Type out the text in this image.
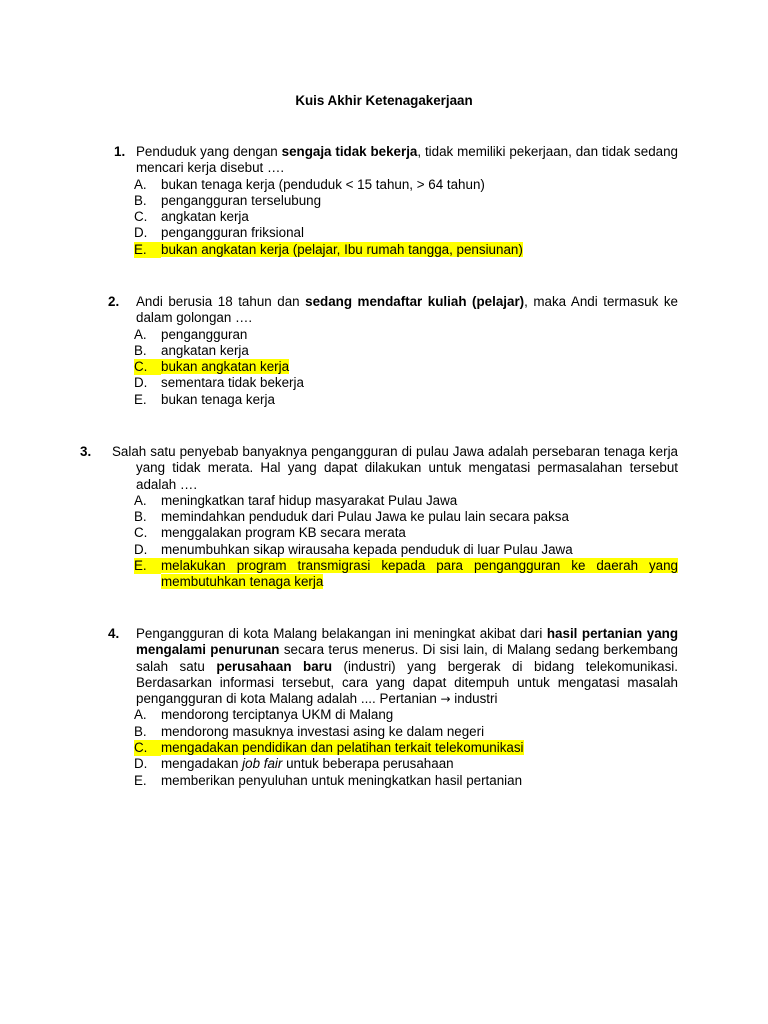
Kuis Akhir Ketenagakerjaan
1. Penduduk yang dengan sengaja tidak bekerja, tidak memiliki pekerjaan, dan tidak sedang mencari kerja disebut ….
A.	bukan tenaga kerja (penduduk < 15 tahun, > 64 tahun)
B.	pengangguran terselubung
C.	angkatan kerja
D.	pengangguran friksional
E.	bukan angkatan kerja (pelajar, Ibu rumah tangga, pensiunan)
2.	Andi berusia 18 tahun dan sedang mendaftar kuliah (pelajar), maka Andi termasuk ke dalam golongan ….
A.	pengangguran
B.	angkatan kerja
C.	bukan angkatan kerja
D.	sementara tidak bekerja
E.	bukan tenaga kerja
3. Salah satu penyebab banyaknya pengangguran di pulau Jawa adalah persebaran tenaga kerja yang tidak merata. Hal yang dapat dilakukan untuk mengatasi permasalahan tersebut adalah ….
A.	meningkatkan taraf hidup masyarakat Pulau Jawa
B.	memindahkan penduduk dari Pulau Jawa ke pulau lain secara paksa
C.	menggalakan program KB secara merata
D.	menumbuhkan sikap wirausaha kepada penduduk di luar Pulau Jawa
E.	melakukan program transmigrasi kepada para pengangguran ke daerah yang membutuhkan tenaga kerja
4.	Pengangguran di kota Malang belakangan ini meningkat akibat dari hasil pertanian yang mengalami penurunan secara terus menerus. Di sisi lain, di Malang sedang berkembang salah satu perusahaan baru (industri) yang bergerak di bidang telekomunikasi. Berdasarkan informasi tersebut, cara yang dapat ditempuh untuk mengatasi masalah pengangguran di kota Malang adalah .... Pertanian → industri
A.	mendorong terciptanya UKM di Malang
B.	mendorong masuknya investasi asing ke dalam negeri
C.	mengadakan pendidikan dan pelatihan terkait telekomunikasi
D.	mengadakan job fair untuk beberapa perusahaan
E.	memberikan penyuluhan untuk meningkatkan hasil pertanian
